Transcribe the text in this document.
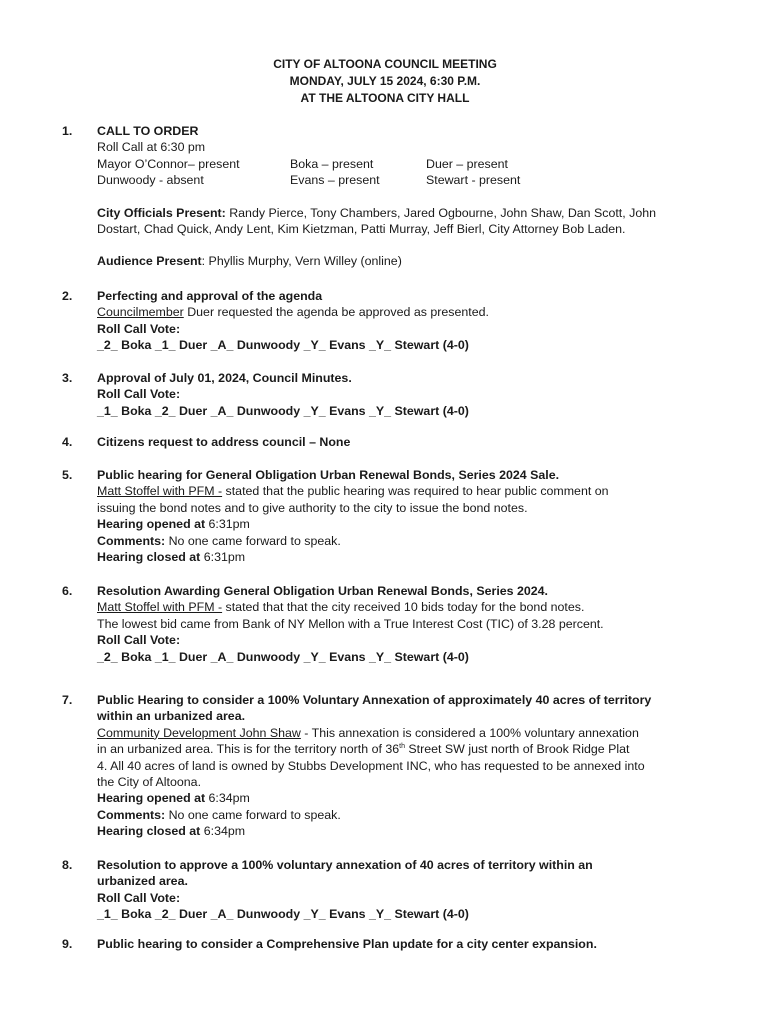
CITY OF ALTOONA COUNCIL MEETING
MONDAY, JULY 15 2024, 6:30 P.M.
AT THE ALTOONA CITY HALL
1. CALL TO ORDER
Roll Call at 6:30 pm
Mayor O’Connor– present	Boka – present	Duer – present
Dunwoody - absent	Evans – present	Stewart - present
City Officials Present: Randy Pierce, Tony Chambers, Jared Ogbourne, John Shaw, Dan Scott, John
Dostart, Chad Quick, Andy Lent, Kim Kietzman, Patti Murray, Jeff Bierl, City Attorney Bob Laden.
Audience Present: Phyllis Murphy, Vern Willey (online)
2. Perfecting and approval of the agenda
Councilmember Duer requested the agenda be approved as presented.
Roll Call Vote:
_2_ Boka _1_ Duer _A_ Dunwoody _Y_ Evans _Y_ Stewart (4-0)
3. Approval of July 01, 2024, Council Minutes.
Roll Call Vote:
_1_ Boka _2_ Duer _A_ Dunwoody _Y_ Evans _Y_ Stewart (4-0)
4. Citizens request to address council – None
5. Public hearing for General Obligation Urban Renewal Bonds, Series 2024 Sale.
Matt Stoffel with PFM - stated that the public hearing was required to hear public comment on
issuing the bond notes and to give authority to the city to issue the bond notes.
Hearing opened at 6:31pm
Comments: No one came forward to speak.
Hearing closed at 6:31pm
6. Resolution Awarding General Obligation Urban Renewal Bonds, Series 2024.
Matt Stoffel with PFM - stated that that the city received 10 bids today for the bond notes.
The lowest bid came from Bank of NY Mellon with a True Interest Cost (TIC) of 3.28 percent.
Roll Call Vote:
_2_ Boka _1_ Duer _A_ Dunwoody _Y_ Evans _Y_ Stewart (4-0)
7. Public Hearing to consider a 100% Voluntary Annexation of approximately 40 acres of territory
within an urbanized area.
Community Development John Shaw - This annexation is considered a 100% voluntary annexation
in an urbanized area. This is for the territory north of 36th Street SW just north of Brook Ridge Plat
4. All 40 acres of land is owned by Stubbs Development INC, who has requested to be annexed into
the City of Altoona.
Hearing opened at 6:34pm
Comments: No one came forward to speak.
Hearing closed at 6:34pm
8. Resolution to approve a 100% voluntary annexation of 40 acres of territory within an
urbanized area.
Roll Call Vote:
_1_ Boka _2_ Duer _A_ Dunwoody _Y_ Evans _Y_ Stewart (4-0)
9. Public hearing to consider a Comprehensive Plan update for a city center expansion.
